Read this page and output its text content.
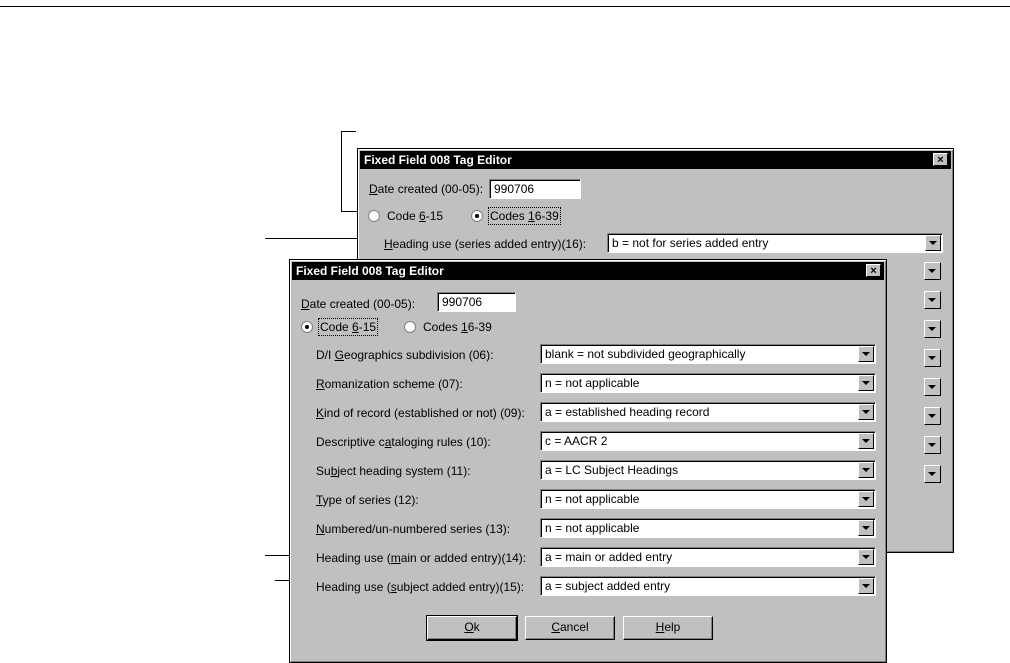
Fixed Field 008 Tag Editor	×
Date created (00-05): 990706
Code 6-15	Codes 16-39
Heading use (series added entry)(16): b = not for series added entry
Fixed Field 008 Tag Editor	×
Date created (00-05):	990706
Code 6-15	Codes 16-39
D/I Geographics subdivision (06):	blank = not subdivided geographically
Romanization scheme (07):	n = not applicable
Kind of record (established or not) (09): a = established heading record
Descriptive cataloging rules (10):	c = AACR 2
Subject heading system (11):	a = LC Subject Headings
Type of series (12):	n = not applicable
Numbered/un-numbered series (13):	n = not applicable
Heading use (main or added entry)(14): a = main or added entry
Heading use (subject added entry)(15): a = subject added entry
Ok	Cancel	Help
